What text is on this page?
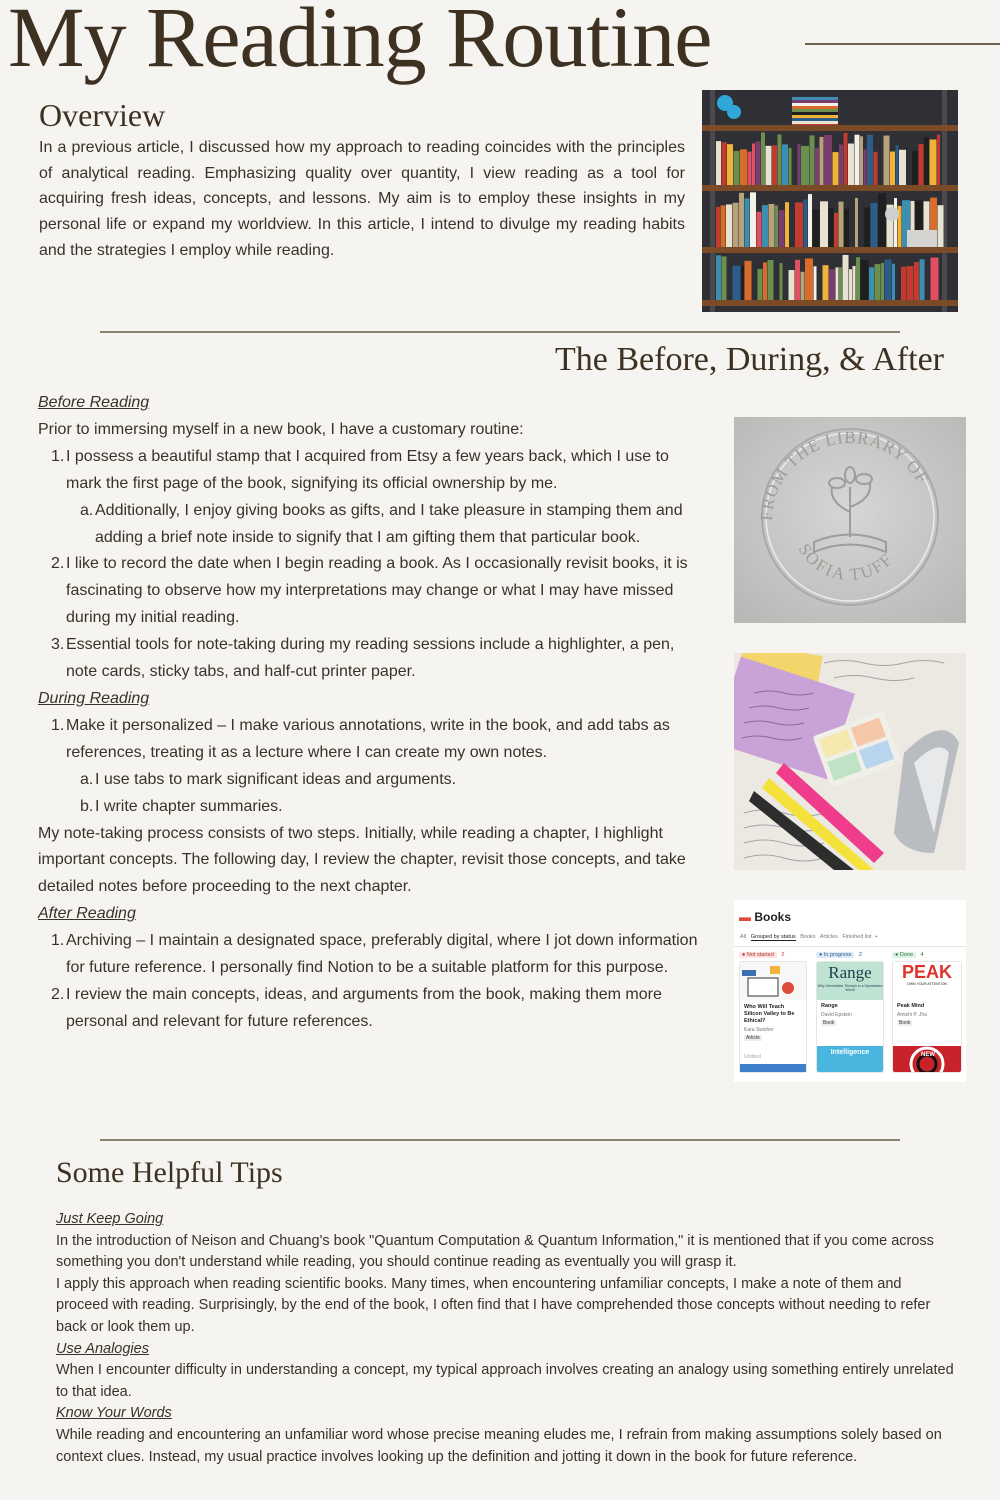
My Reading Routine
Overview

In a previous article, I discussed how my approach to reading coincides with the principles of analytical reading. Emphasizing quality over quantity, I view reading as a tool for acquiring fresh ideas, concepts, and lessons. My aim is to employ these insights in my personal life or expand my worldview. In this article, I intend to divulge my reading habits and the strategies I employ while reading.

The Before, During, & After
Before Reading
Prior to immersing myself in a new book, I have a customary routine:
1. I possess a beautiful stamp that I acquired from Etsy a few years back, which I use to mark the first page of the book, signifying its official ownership by me.
a. Additionally, I enjoy giving books as gifts, and I take pleasure in stamping them and adding a brief note inside to signify that I am gifting them that particular book.
2. I like to record the date when I begin reading a book. As I occasionally revisit books, it is fascinating to observe how my interpretations may change or what I may have missed during my initial reading.
3. Essential tools for note-taking during my reading sessions include a highlighter, a pen, note cards, sticky tabs, and half-cut printer paper.
During Reading
1. Make it personalized – I make various annotations, write in the book, and add tabs as references, treating it as a lecture where I can create my own notes.
a. I use tabs to mark significant ideas and arguments.
b. I write chapter summaries.
My note-taking process consists of two steps. Initially, while reading a chapter, I highlight important concepts. The following day, I review the chapter, revisit those concepts, and take detailed notes before proceeding to the next chapter.
After Reading
1. Archiving – I maintain a designated space, preferably digital, where I jot down information for future reference. I personally find Notion to be a suitable platform for this purpose.
2. I review the main concepts, ideas, and arguments from the book, making them more personal and relevant for future references.
FROM THE LIBRARY OF
SOFIA TUFF
▬ Books
All Grouped by status Books Articles Finished list +
● Not started 2
Who Will Teach Silicon Valley to Be Ethical?
Kara Swisher
Article
Untitled
● In progress 2
Range
Why Generalists Triumph in a Specialized World
Range
David Epstein
Book
Intelligence
● Done 4
PEAK
OWN YOUR ATTENTION
Peak Mind
Amishi P. Jha
Book
NEW
Some Helpful Tips
Just Keep Going
In the introduction of Neison and Chuang's book "Quantum Computation & Quantum Information," it is mentioned that if you come across something you don't understand while reading, you should continue reading as eventually you will grasp it.
I apply this approach when reading scientific books. Many times, when encountering unfamiliar concepts, I make a note of them and proceed with reading. Surprisingly, by the end of the book, I often find that I have comprehended those concepts without needing to refer back or look them up.
Use Analogies
When I encounter difficulty in understanding a concept, my typical approach involves creating an analogy using something entirely unrelated to that idea.
Know Your Words
While reading and encountering an unfamiliar word whose precise meaning eludes me, I refrain from making assumptions solely based on context clues. Instead, my usual practice involves looking up the definition and jotting it down in the book for future reference.
